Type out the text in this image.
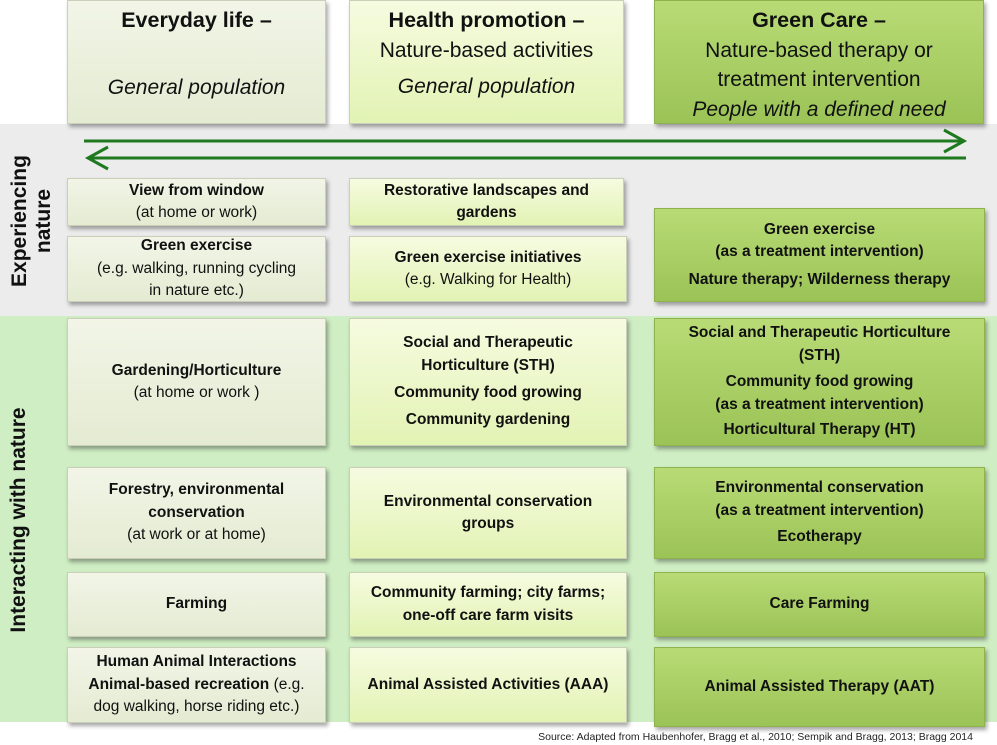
Experiencing nature
Interacting with nature
Everyday life –
General population
Health promotion –
Nature-based activities
General population
Green Care –
Nature-based therapy or
treatment intervention
People with a defined need
View from window
(at home or work)
Restorative landscapes and
gardens
Green exercise
(e.g. walking, running cycling
in nature etc.)
Green exercise initiatives
(e.g. Walking for Health)
Green exercise
(as a treatment intervention)
Nature therapy; Wilderness therapy
Gardening/Horticulture
(at home or work )
Social and Therapeutic
Horticulture (STH)
Community food growing
Community gardening
Social and Therapeutic Horticulture
(STH)
Community food growing
(as a treatment intervention)
Horticultural Therapy (HT)
Forestry, environmental
conservation
(at work or at home)
Environmental conservation
groups
Environmental conservation
(as a treatment intervention)
Ecotherapy
Farming
Community farming; city farms;
one-off care farm visits
Care Farming
Human Animal Interactions
Animal-based recreation (e.g.
dog walking, horse riding etc.)
Animal Assisted Activities (AAA)	Animal Assisted Therapy (AAT)
Source: Adapted from Haubenhofer, Bragg et al., 2010; Sempik and Bragg, 2013; Bragg 2014
